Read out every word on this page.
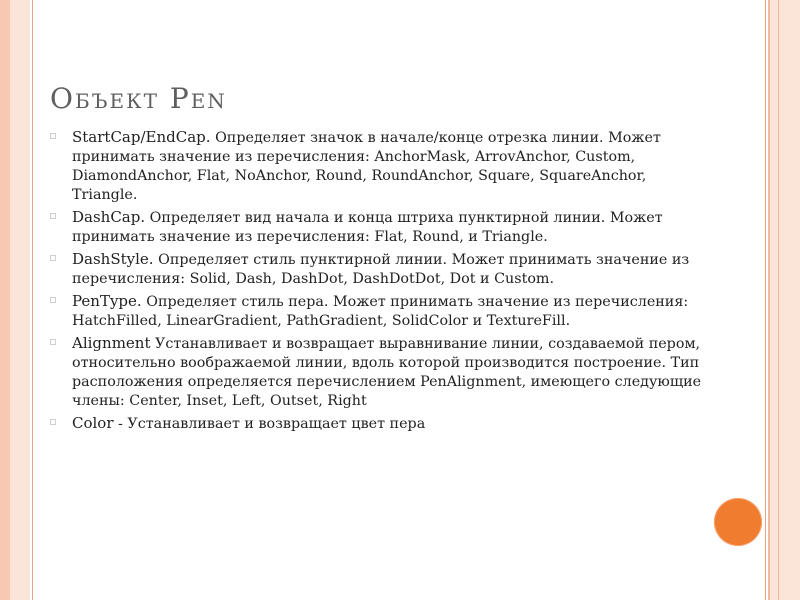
Объект Pen
StartCap/EndCap. Определяет значок в начале/конце отрезка линии. Может принимать значение из перечисления: AnchorMask, ArrovAnchor, Custom, DiamondAnchor, Flat, NoAnchor, Round, RoundAnchor, Square, SquareAnchor, Triangle.
DashCap. Определяет вид начала и конца штриха пунктирной линии. Может принимать значение из перечисления: Flat, Round, и Triangle.
DashStyle. Определяет стиль пунктирной линии. Может принимать значение из перечисления: Solid, Dash, DashDot, DashDotDot, Dot и Custom.
PenType. Определяет стиль пера. Может принимать значение из перечисления: HatchFilled, LinearGradient, PathGradient, SolidColor и TextureFill.
Alignment Устанавливает и возвращает выравнивание линии, создаваемой пером, относительно воображаемой линии, вдоль которой производится построение. Тип расположения определяется перечислением PenAlignment, имеющего следующие члены: Center, Inset, Left, Outset, Right
Color - Устанавливает и возвращает цвет пера
